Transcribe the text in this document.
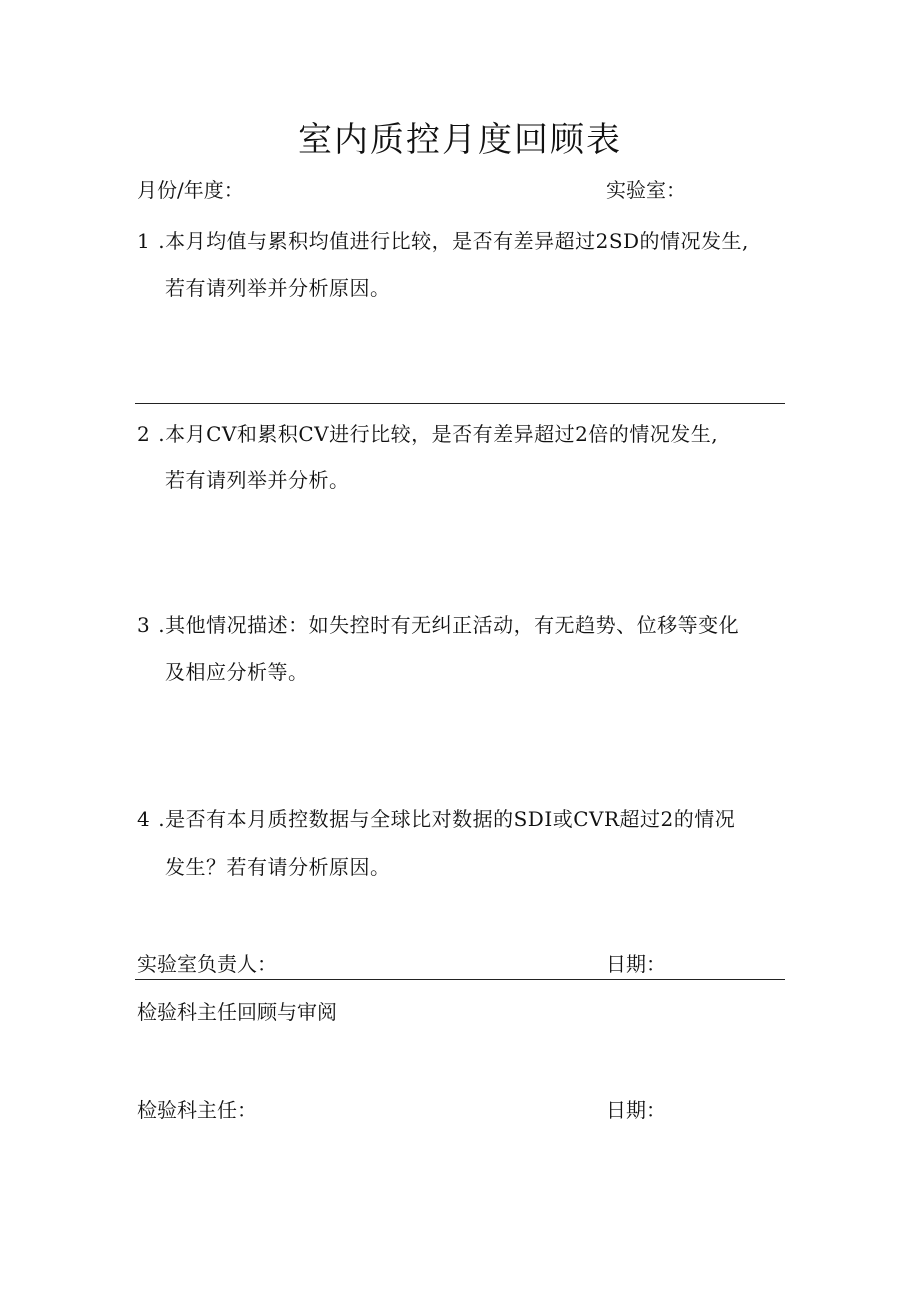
室内质控月度回顾表
月份/年度：	实验室：
1 .本月均值与累积均值进行比较，是否有差异超过2SD的情况发生,
若有请列举并分析原因。
2 .本月CV和累积CV进行比较，是否有差异超过2倍的情况发生,
若有请列举并分析。
3 .其他情况描述：如失控时有无纠正活动，有无趋势、位移等变化
及相应分析等。
4 .是否有本月质控数据与全球比对数据的SDI或CVR超过2的情况
发生？若有请分析原因。
实验室负责人：	日期：
检验科主任回顾与审阅
检验科主任：	日期：
